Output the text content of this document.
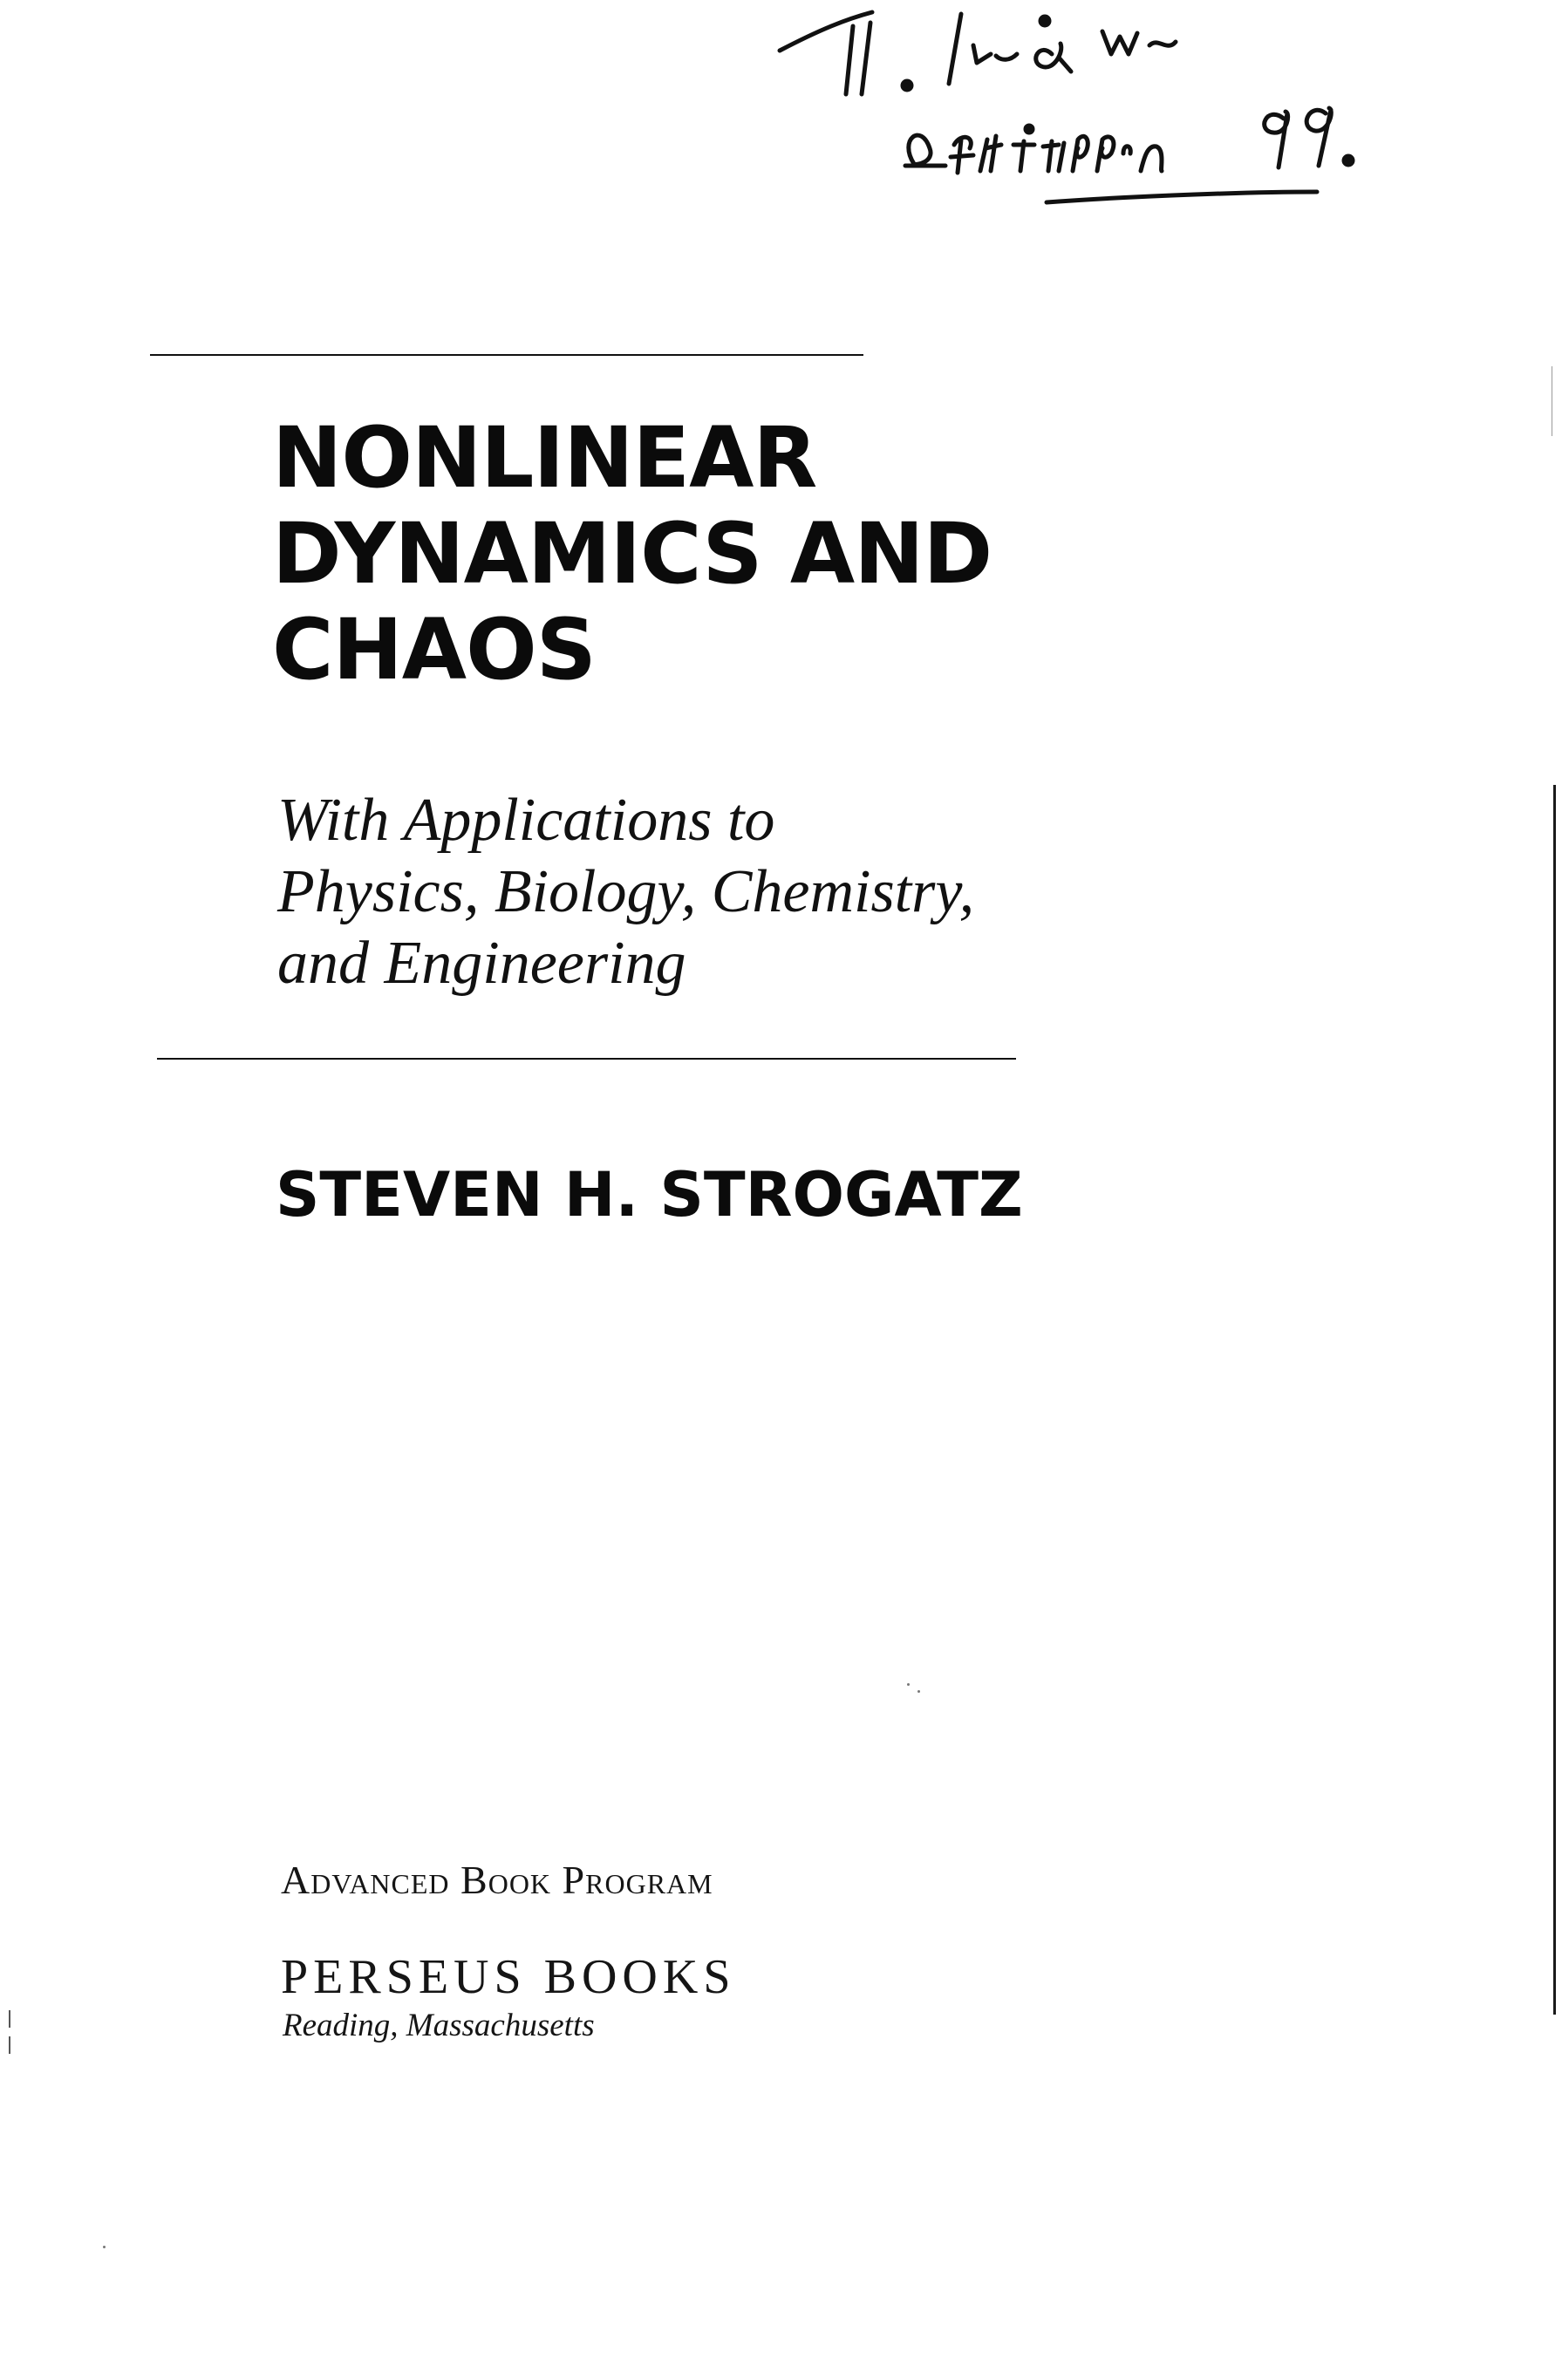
NONLINEAR
DYNAMICS AND
CHAOS
With Applications to
Physics, Biology, Chemistry,
and Engineering
STEVEN H. STROGATZ
Advanced Book Program
PERSEUS BOOKS
Reading, Massachusetts
